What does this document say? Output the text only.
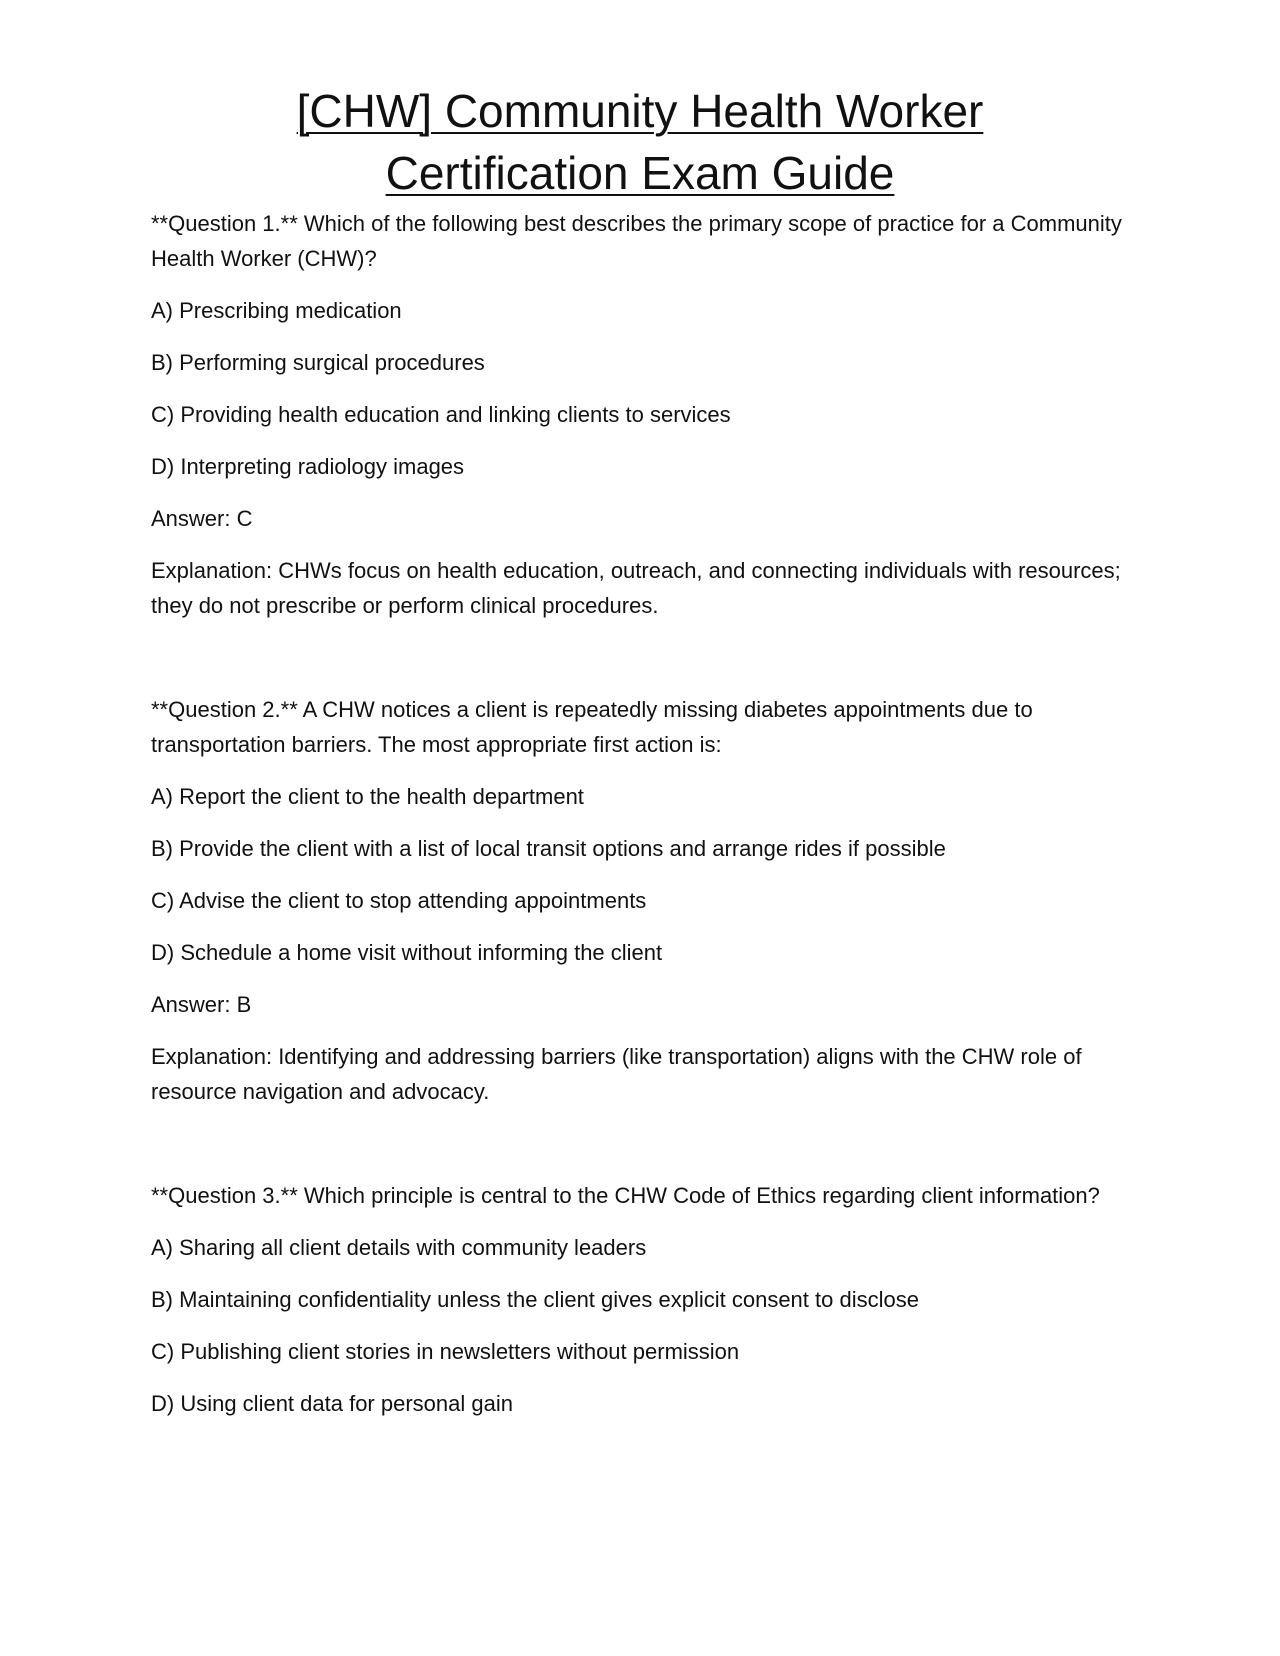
[CHW] Community Health Worker
Certification Exam Guide

**Question 1.** Which of the following best describes the primary scope of practice for a Community Health Worker (CHW)?

A) Prescribing medication

B) Performing surgical procedures

C) Providing health education and linking clients to services

D) Interpreting radiology images

Answer: C

Explanation: CHWs focus on health education, outreach, and connecting individuals with resources; they do not prescribe or perform clinical procedures.

**Question 2.** A CHW notices a client is repeatedly missing diabetes appointments due to transportation barriers. The most appropriate first action is:

A) Report the client to the health department

B) Provide the client with a list of local transit options and arrange rides if possible

C) Advise the client to stop attending appointments

D) Schedule a home visit without informing the client

Answer: B

Explanation: Identifying and addressing barriers (like transportation) aligns with the CHW role of resource navigation and advocacy.

**Question 3.** Which principle is central to the CHW Code of Ethics regarding client information?

A) Sharing all client details with community leaders

B) Maintaining confidentiality unless the client gives explicit consent to disclose

C) Publishing client stories in newsletters without permission

D) Using client data for personal gain
